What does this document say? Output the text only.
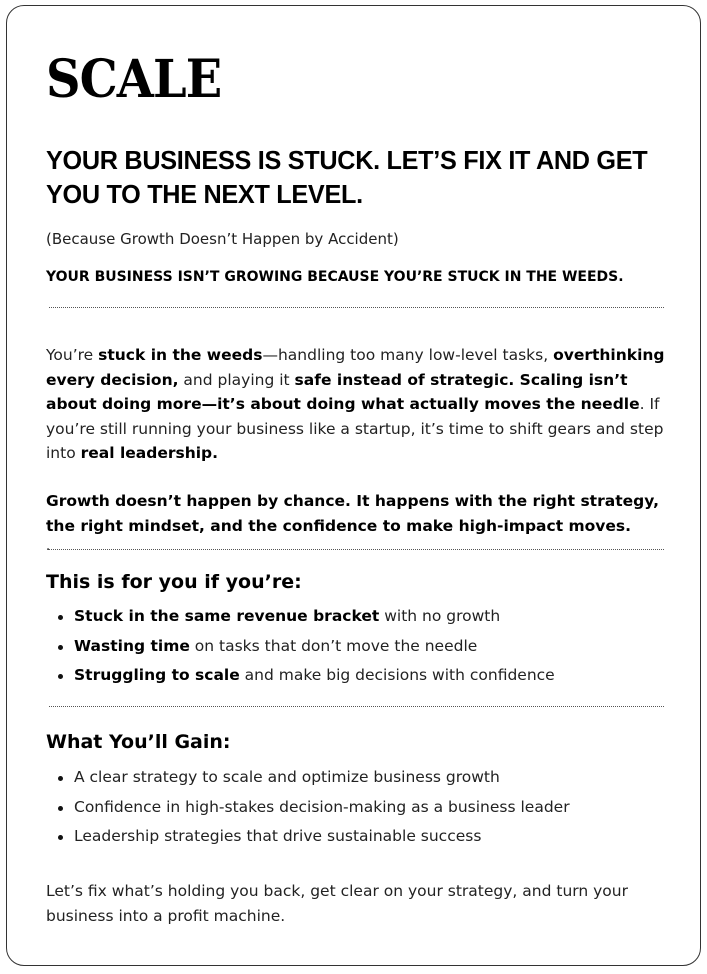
SCALE
YOUR BUSINESS IS STUCK. LET’S FIX IT AND GET YOU TO THE NEXT LEVEL.
(Because Growth Doesn’t Happen by Accident)
YOUR BUSINESS ISN’T GROWING BECAUSE YOU’RE STUCK IN THE WEEDS.
You’re stuck in the weeds—handling too many low-level tasks, overthinking every decision, and playing it safe instead of strategic. Scaling isn’t about doing more—it’s about doing what actually moves the needle. If you’re still running your business like a startup, it’s time to shift gears and step into real leadership.
Growth doesn’t happen by chance. It happens with the right strategy, the right mindset, and the confidence to make high-impact moves.
.
This is for you if you’re:
Stuck in the same revenue bracket with no growth
Wasting time on tasks that don’t move the needle
Struggling to scale and make big decisions with confidence
What You’ll Gain:
A clear strategy to scale and optimize business growth
Confidence in high-stakes decision-making as a business leader
Leadership strategies that drive sustainable success
Let’s fix what’s holding you back, get clear on your strategy, and turn your business into a profit machine.
